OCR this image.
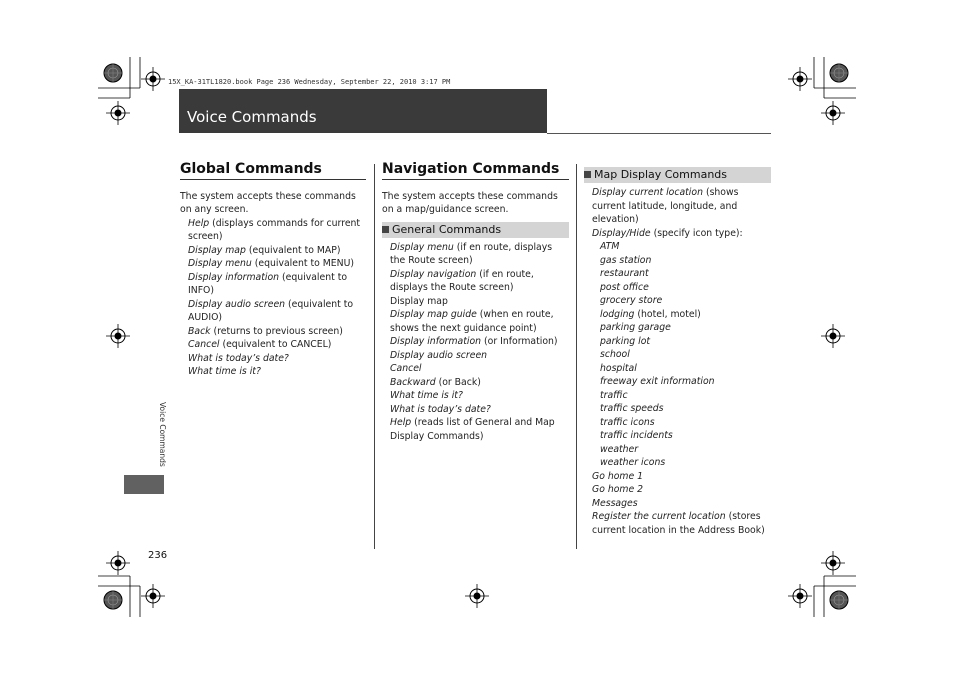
15X_KA-31TL1820.book Page 236 Wednesday, September 22, 2010 3:17 PM
Voice Commands
Global Commands

The system accepts these commands on any screen.

Help (displays commands for current screen)

Display map (equivalent to MAP)

Display menu (equivalent to MENU)

Display information (equivalent to INFO)

Display audio screen (equivalent to AUDIO)

Back (returns to previous screen)

Cancel (equivalent to CANCEL)

What is today’s date?

What time is it?

Navigation Commands

The system accepts these commands on a map/guidance screen.

General Commands

Display menu (if en route, displays the Route screen)

Display navigation (if en route, displays the Route screen)

Display map

Display map guide (when en route, shows the next guidance point)

Display information (or Information)

Display audio screen

Cancel

Backward (or Back)

What time is it?

What is today’s date?

Help (reads list of General and Map Display Commands)

Map Display Commands

Display current location (shows current latitude, longitude, and elevation)

Display/Hide (specify icon type):

ATM

gas station

restaurant

post office

grocery store

lodging (hotel, motel)

parking garage

parking lot

school

hospital

freeway exit information

traffic

traffic speeds

traffic icons

traffic incidents

weather

weather icons

Go home 1

Go home 2

Messages

Register the current location (stores current location in the Address Book)

Voice Commands
236
